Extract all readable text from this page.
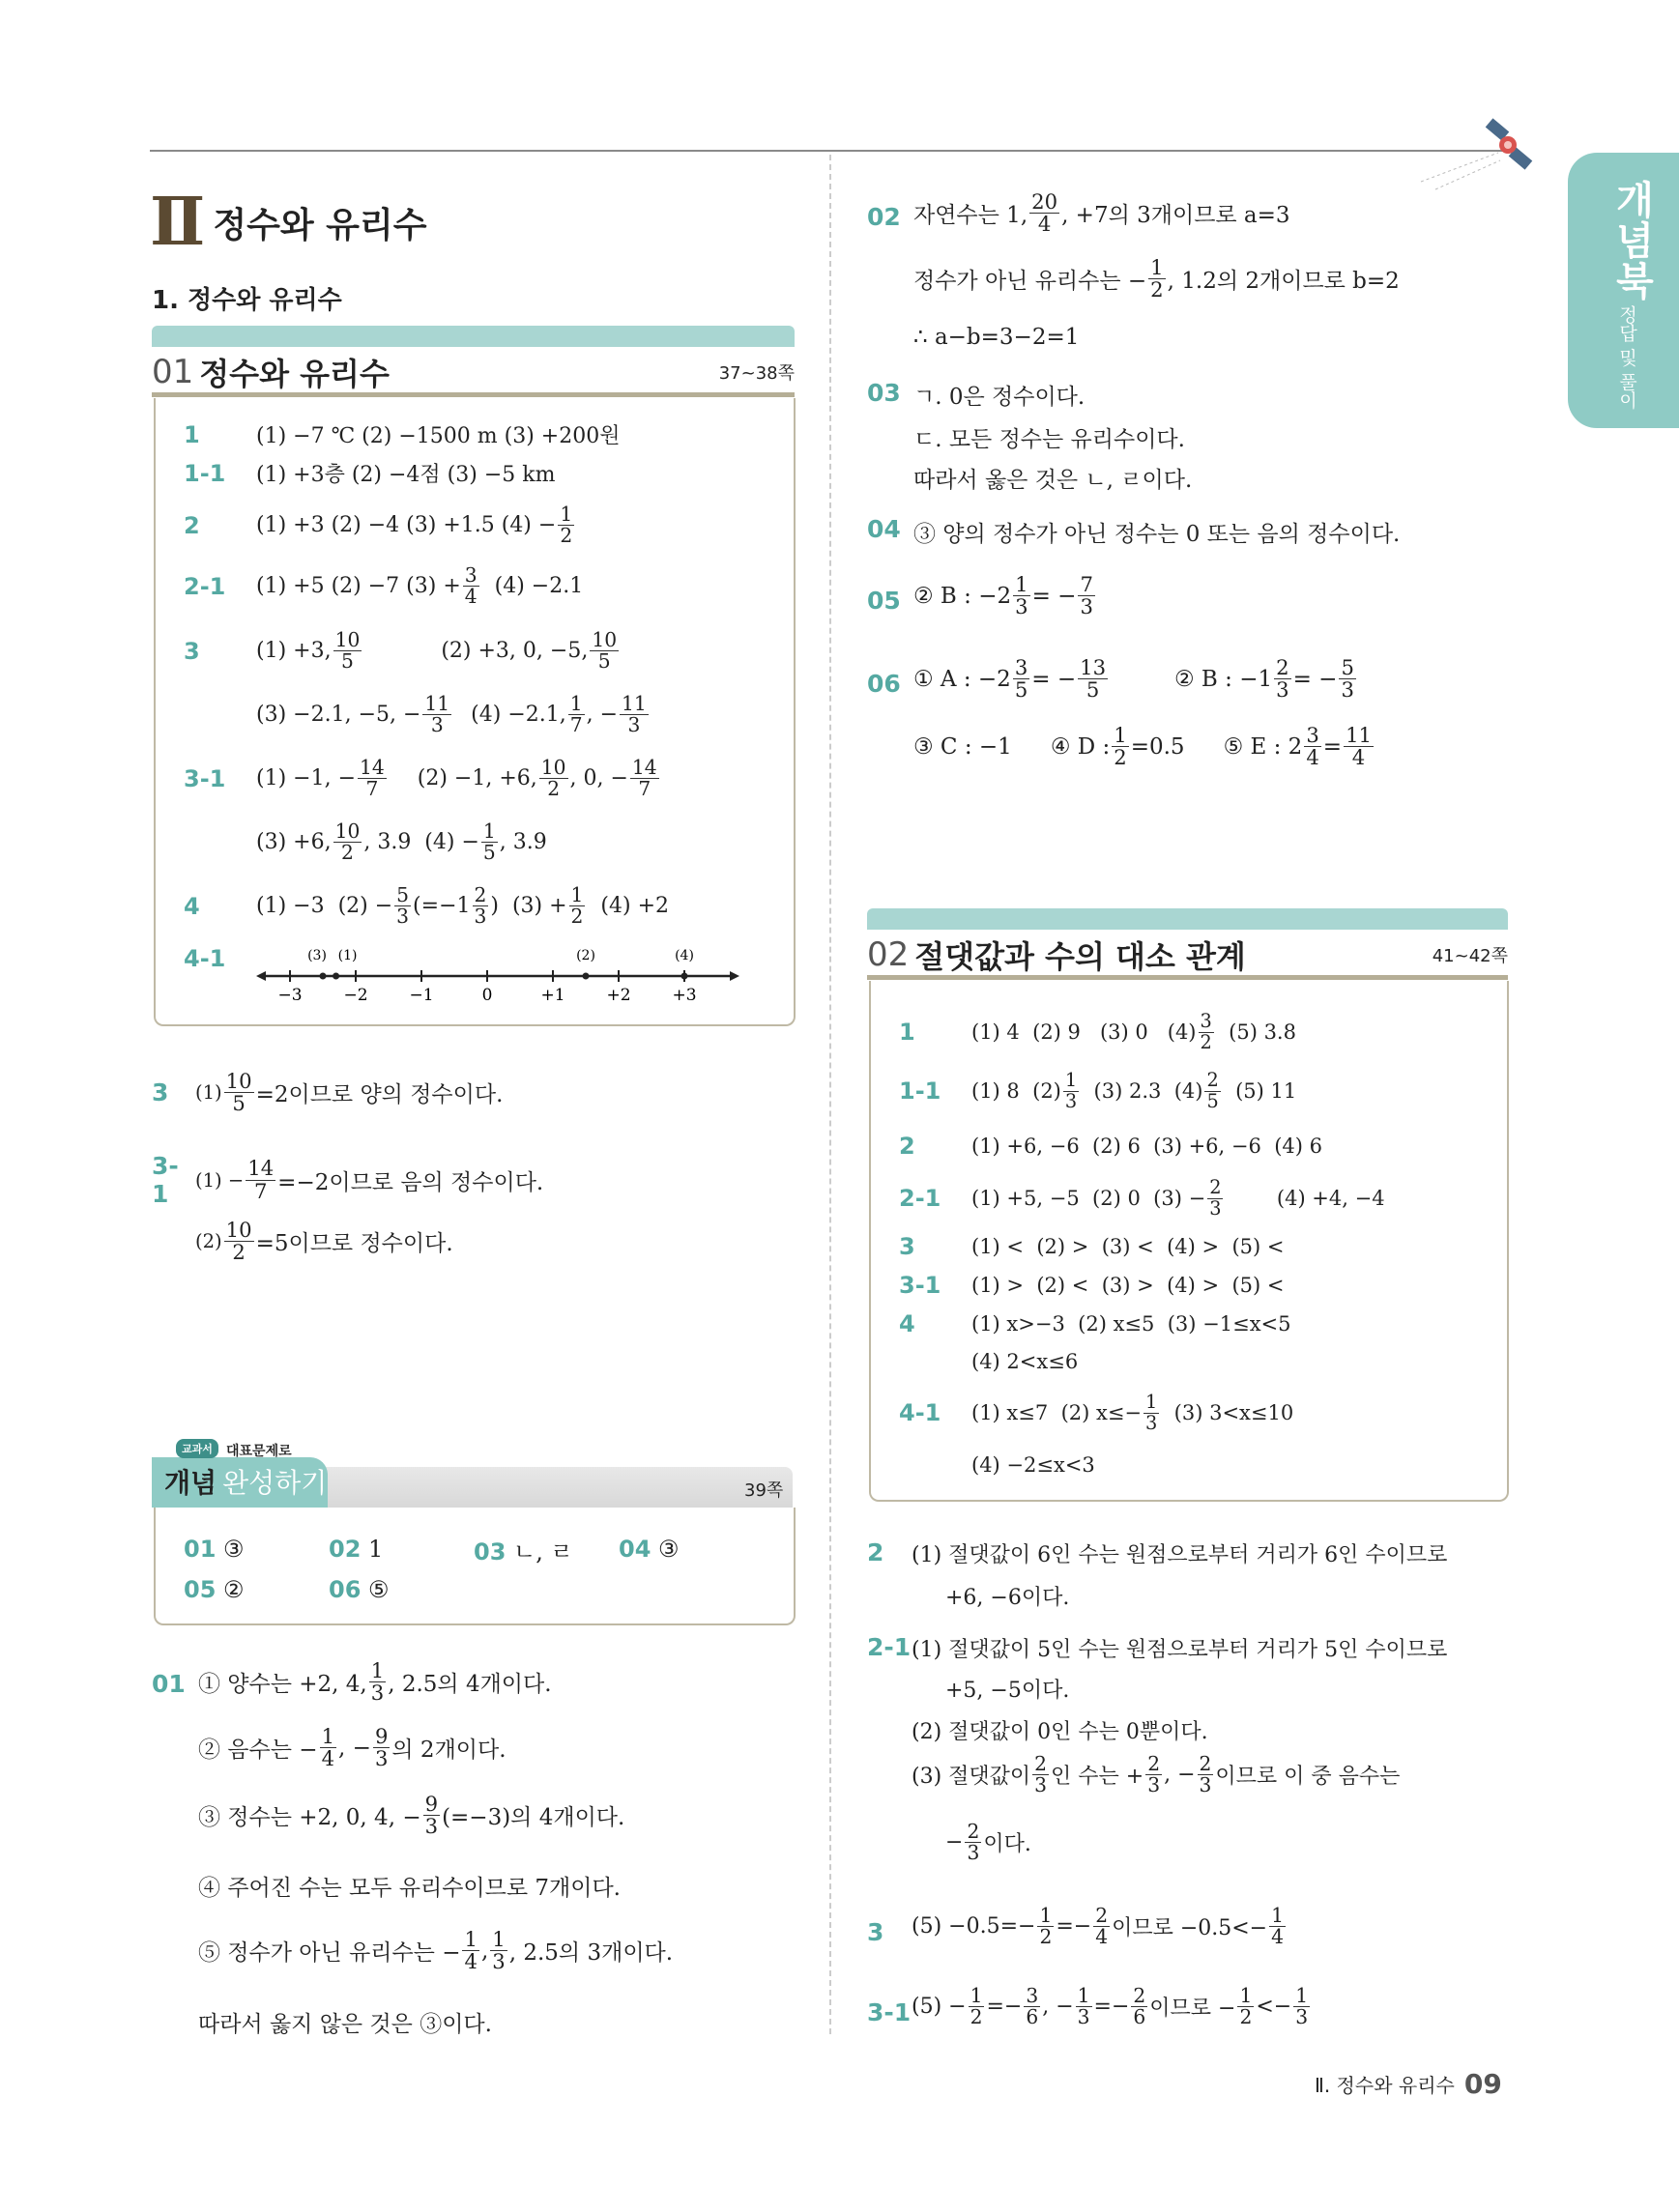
개념북
정답 및 풀이
Ⅱ 정수와 유리수
1. 정수와 유리수
01 정수와 유리수	37~38쪽
1	(1) −7 ℃ (2) −1500 m (3) +200원
1-1 (1) +3층 (2) −4점 (3) −5 km
2	(1) +3 (2) −4 (3) +1.5 $(4) - \frac{1}{2}$
2-1	(1) +5 (2) −7 $(3) + \frac{3}{4} (4) -2.1$
3	(1) +3, $\frac{10}{5}$	(2) +3, 0, −5, $\frac{10}{5}$
(3) −2.1, −5, − $\frac{11}{3} (4) -2.1$, $\frac{1}{7}$ , − $\frac{11}{3}$
3-1	(1) −1, − $\frac{14}{7} (2) -1$, +6, $\frac{10}{2}$ , 0, − $\frac{14}{7}$
(3) +6, $\frac{10}{2}$ , 3.9  $(4) - \frac{1}{5}$ , 3.9
4	(1) −3  $(2) - \frac{5}{3} (=-1 \frac{2}{3}$ )  $(3) + \frac{1}{2} (4) +2$
4-1
−3	−2	−1	0	+1	+2	+3
(3) (1)	(2)	(4)
3	$(1) \frac{10}{5} =2$이므로 양의 정수이다.
3-1	$(1) - \frac{14}{7} =-2$이므로 음의 정수이다.
$(2) \frac{10}{2} =5$이므로 정수이다.
교과서	대표문제로
개념 완성하기	39쪽
01 ③	02 1	03 ㄴ, ㄹ	04 ③
05 ②	06 ⑤
01 ① 양수는 +2, 4, $\frac{1}{3}$ , 2.5의 4개이다.
② 음수는 − $\frac{1}{4}$ , − $\frac{9}{3}$ 의 2개이다.
③ 정수는 +2, 0, 4, − $\frac{9}{3} (=-3)$의 4개이다.
④ 주어진 수는 모두 유리수이므로 7개이다.
⑤ 정수가 아닌 유리수는 − $\frac{1}{4}$ , $\frac{1}{3}$ , 2.5의 3개이다.
따라서 옳지 않은 것은 ③이다.
02 자연수는 1, $\frac{20}{4}$ , +7의 3개이므로 a=3
정수가 아닌 유리수는 − $\frac{1}{2}$ , 1.2의 2개이므로 b=2
∴ a−b=3−2=1
03 ㄱ. 0은 정수이다.
ㄷ. 모든 정수는 유리수이다.
따라서 옳은 것은 ㄴ, ㄹ이다.
04 ③ 양의 정수가 아닌 정수는 0 또는 음의 정수이다.
05 ② B : $-2 \frac{1}{3}$ = − $\frac{7}{3}$
06 ① A : $-2 \frac{3}{5}$ = − $\frac{13}{5}$	② B : $-1 \frac{2}{3}$ = − $\frac{5}{3}$
③ C : −1 ④ D : $\frac{1}{2} =0.5$ ⑤ E : $2 \frac{3}{4} = \frac{11}{4}$
02 절댓값과 수의 대소 관계	41~42쪽
1	(1) 4  (2) 9   (3) 0   $(4) \frac{3}{2} (5)$ 3.8
1-1	(1) 8  $(2) \frac{1}{3} (3)$ 2.3  $(4) \frac{2}{5} (5)$ 11
2	(1) +6, −6  (2) 6  (3) +6, −6  (4) 6
2-1	(1) +5, −5  (2) 0  $(3) - \frac{2}{3} (4) +4$, −4
3	(1) <  (2) >  (3) <  (4) >  (5) <
3-1	(1) >  (2) <  (3) >  (4) >  (5) <
4	(1) x>−3  (2) x≤5  (3) −1≤x<5
(4) 2<x≤6
4-1	(1) x≤7  (2) $x\le- \frac{1}{3} (3)$ 3<x≤10
(4) −2≤x<3
2 (1) 절댓값이 6인 수는 원점으로부터 거리가 6인 수이므로
+6, −6이다.
2-1 (1) 절댓값이 5인 수는 원점으로부터 거리가 5인 수이므로
+5, −5이다.
(2) 절댓값이 0인 수는 0뿐이다.
(3) 절댓값이 $\frac{2}{3}$ 인 수는 + $\frac{2}{3}$ , − $\frac{2}{3}$ 이므로 이 중 음수는
− $\frac{2}{3}$ 이다.
3 $(5) -0.5=- \frac{1}{2} =- \frac{2}{4}$ 이므로 $-0.5<- \frac{1}{4}$
3-1 $(5) - \frac{1}{2} =- \frac{3}{6}$ , − $\frac{1}{3} =- \frac{2}{6}$ 이므로 − $\frac{1}{2} <- \frac{1}{3}$
Ⅱ. 정수와 유리수 09
